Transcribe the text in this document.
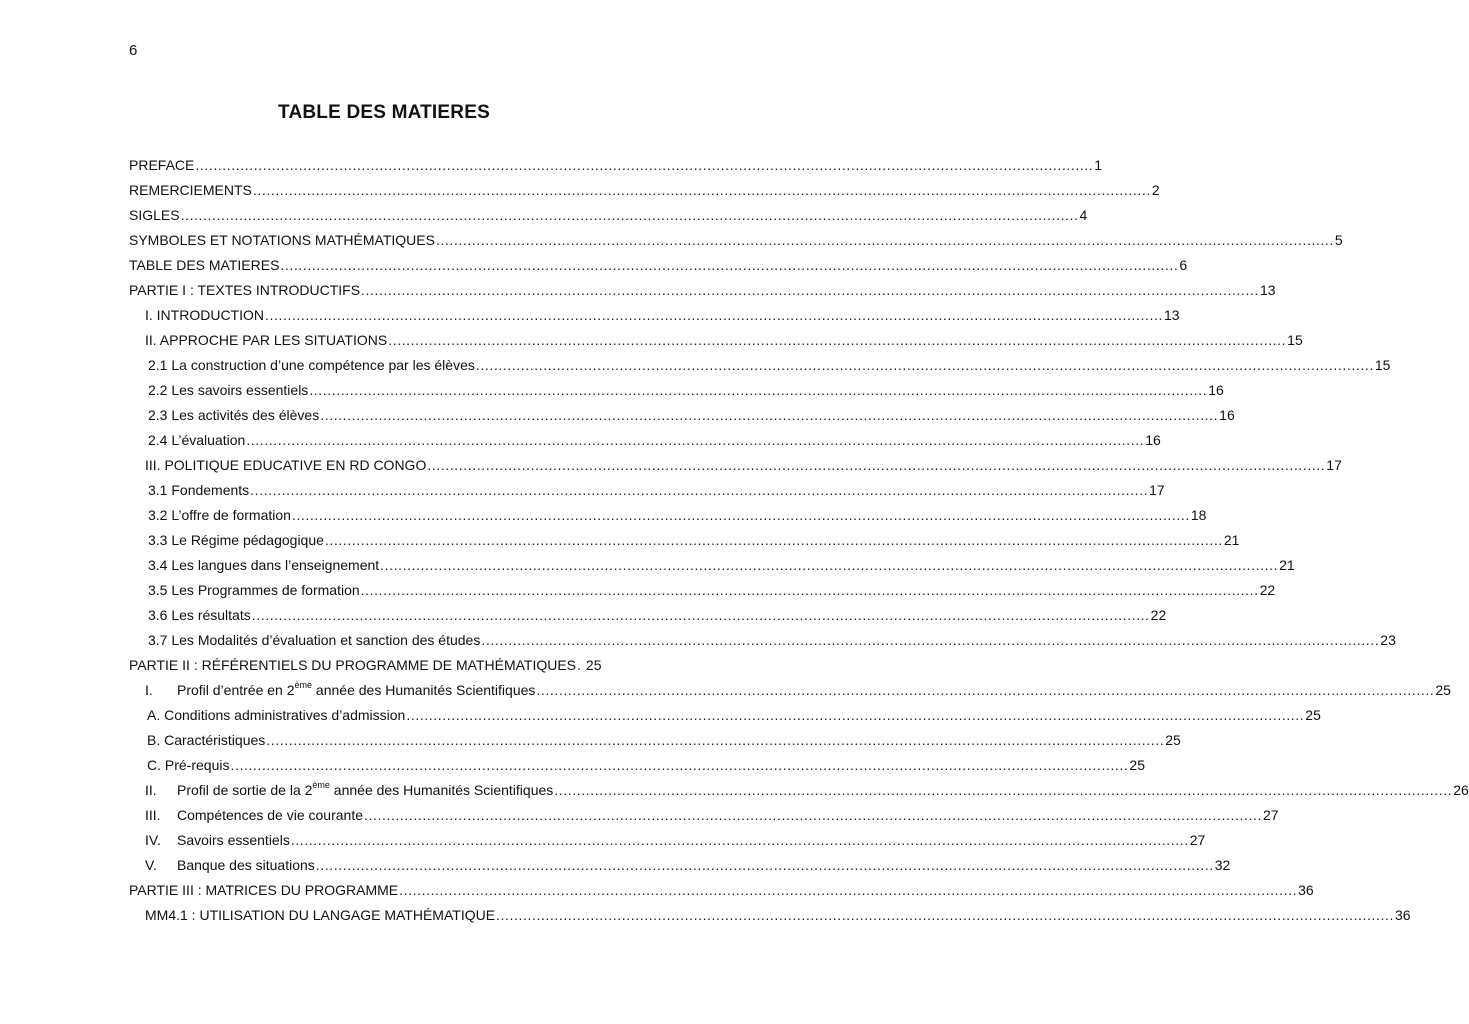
6
TABLE DES MATIERES
PREFACE ........................................................................................................................................................................................................ 1
REMERCIEMENTS ........................................................................................................................................................................................................ 2
SIGLES ........................................................................................................................................................................................................ 4
SYMBOLES ET NOTATIONS MATHÉMATIQUES ........................................................................................................................................................................................................ 5
TABLE DES MATIERES ........................................................................................................................................................................................................ 6
PARTIE I : TEXTES INTRODUCTIFS ........................................................................................................................................................................................................ 13
I. INTRODUCTION ........................................................................................................................................................................................................ 13
II. APPROCHE PAR LES SITUATIONS ........................................................................................................................................................................................................ 15
2.1 La construction d’une compétence par les élèves ........................................................................................................................................................................................................ 15
2.2 Les savoirs essentiels ........................................................................................................................................................................................................ 16
2.3 Les activités des élèves ........................................................................................................................................................................................................ 16
2.4 L’évaluation ........................................................................................................................................................................................................ 16
III. POLITIQUE EDUCATIVE EN RD CONGO ........................................................................................................................................................................................................ 17
3.1 Fondements ........................................................................................................................................................................................................ 17
3.2 L’offre de formation ........................................................................................................................................................................................................ 18
3.3 Le Régime pédagogique ........................................................................................................................................................................................................ 21
3.4 Les langues dans l’enseignement ........................................................................................................................................................................................................ 21
3.5 Les Programmes de formation ........................................................................................................................................................................................................ 22
3.6 Les résultats ........................................................................................................................................................................................................ 22
3.7 Les Modalités d’évaluation et sanction des études ........................................................................................................................................................................................................ 23
PARTIE II : RÉFÉRENTIELS DU PROGRAMME DE MATHÉMATIQUES . 25
I. Profil d’entrée en 2ème année des Humanités Scientifiques ........................................................................................................................................................................................................ 25
A. Conditions administratives d’admission ........................................................................................................................................................................................................ 25
B. Caractéristiques ........................................................................................................................................................................................................ 25
C. Pré-requis ........................................................................................................................................................................................................ 25
II. Profil de sortie de la 2ème année des Humanités Scientifiques ........................................................................................................................................................................................................ 26
III. Compétences de vie courante ........................................................................................................................................................................................................ 27
IV. Savoirs essentiels ........................................................................................................................................................................................................ 27
V. Banque des situations ........................................................................................................................................................................................................ 32
PARTIE III : MATRICES DU PROGRAMME ........................................................................................................................................................................................................ 36
MM4.1 : UTILISATION DU LANGAGE MATHÉMATIQUE ........................................................................................................................................................................................................ 36
